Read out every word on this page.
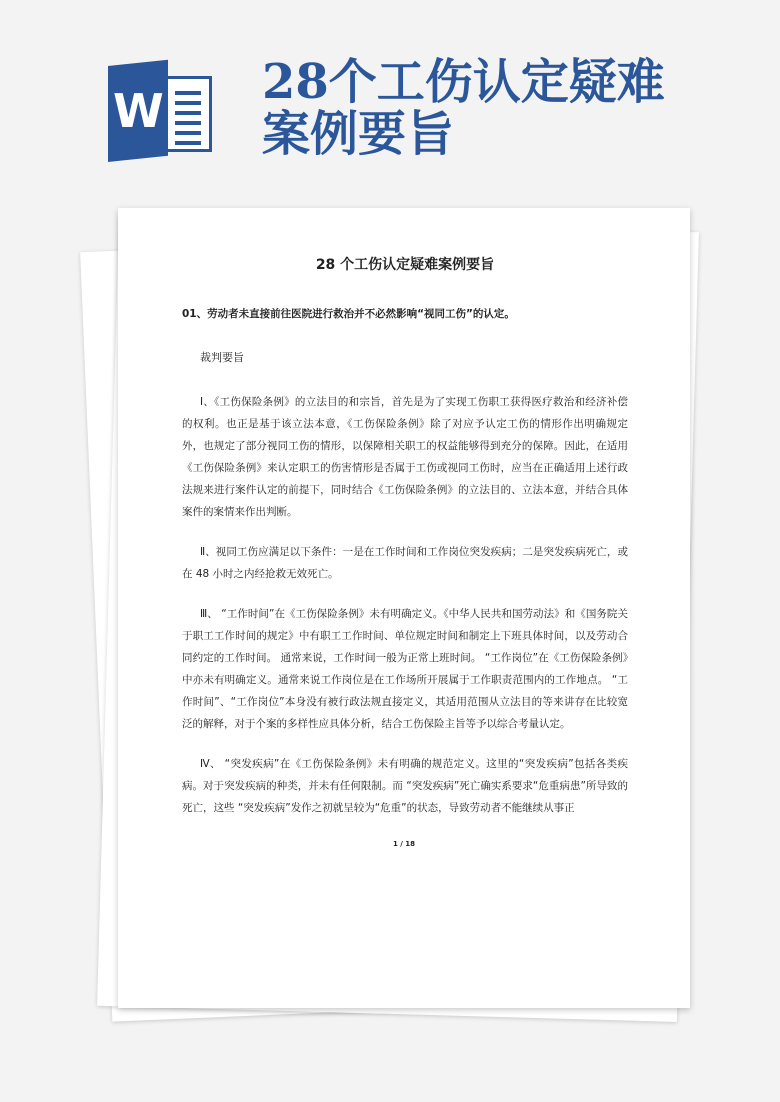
W
28个工伤认定疑难案例要旨
28 个工伤认定疑难案例要旨
01、劳动者未直接前往医院进行救治并不必然影响“视同工伤”的认定。
裁判要旨

Ⅰ、《工伤保险条例》的立法目的和宗旨，首先是为了实现工伤职工获得医疗救治和经济补偿的权利。也正是基于该立法本意，《工伤保险条例》除了对应予认定工伤的情形作出明确规定外，也规定了部分视同工伤的情形，以保障相关职工的权益能够得到充分的保障。因此，在适用《工伤保险条例》来认定职工的伤害情形是否属于工伤或视同工伤时，应当在正确适用上述行政法规来进行案件认定的前提下，同时结合《工伤保险条例》的立法目的、立法本意，并结合具体案件的案情来作出判断。

Ⅱ、视同工伤应满足以下条件：一是在工作时间和工作岗位突发疾病；二是突发疾病死亡，或在 48 小时之内经抢救无效死亡。

Ⅲ、 “工作时间”在《工伤保险条例》未有明确定义。《中华人民共和国劳动法》和《国务院关于职工工作时间的规定》中有职工工作时间、单位规定时间和制定上下班具体时间，以及劳动合同约定的工作时间。 通常来说，工作时间一般为正常上班时间。 “工作岗位”在《工伤保险条例》中亦未有明确定义。通常来说工作岗位是在工作场所开展属于工作职责范围内的工作地点。 “工作时间”、“工作岗位”本身没有被行政法规直接定义，其适用范围从立法目的等来讲存在比较宽泛的解释，对于个案的多样性应具体分析，结合工伤保险主旨等予以综合考量认定。

Ⅳ、 “突发疾病”在《工伤保险条例》未有明确的规范定义。这里的“突发疾病”包括各类疾病。对于突发疾病的种类，并未有任何限制。而 “突发疾病”死亡确实系要求“危重病患”所导致的死亡，这些 “突发疾病”发作之初就呈较为“危重”的状态，导致劳动者不能继续从事正

1 / 18
